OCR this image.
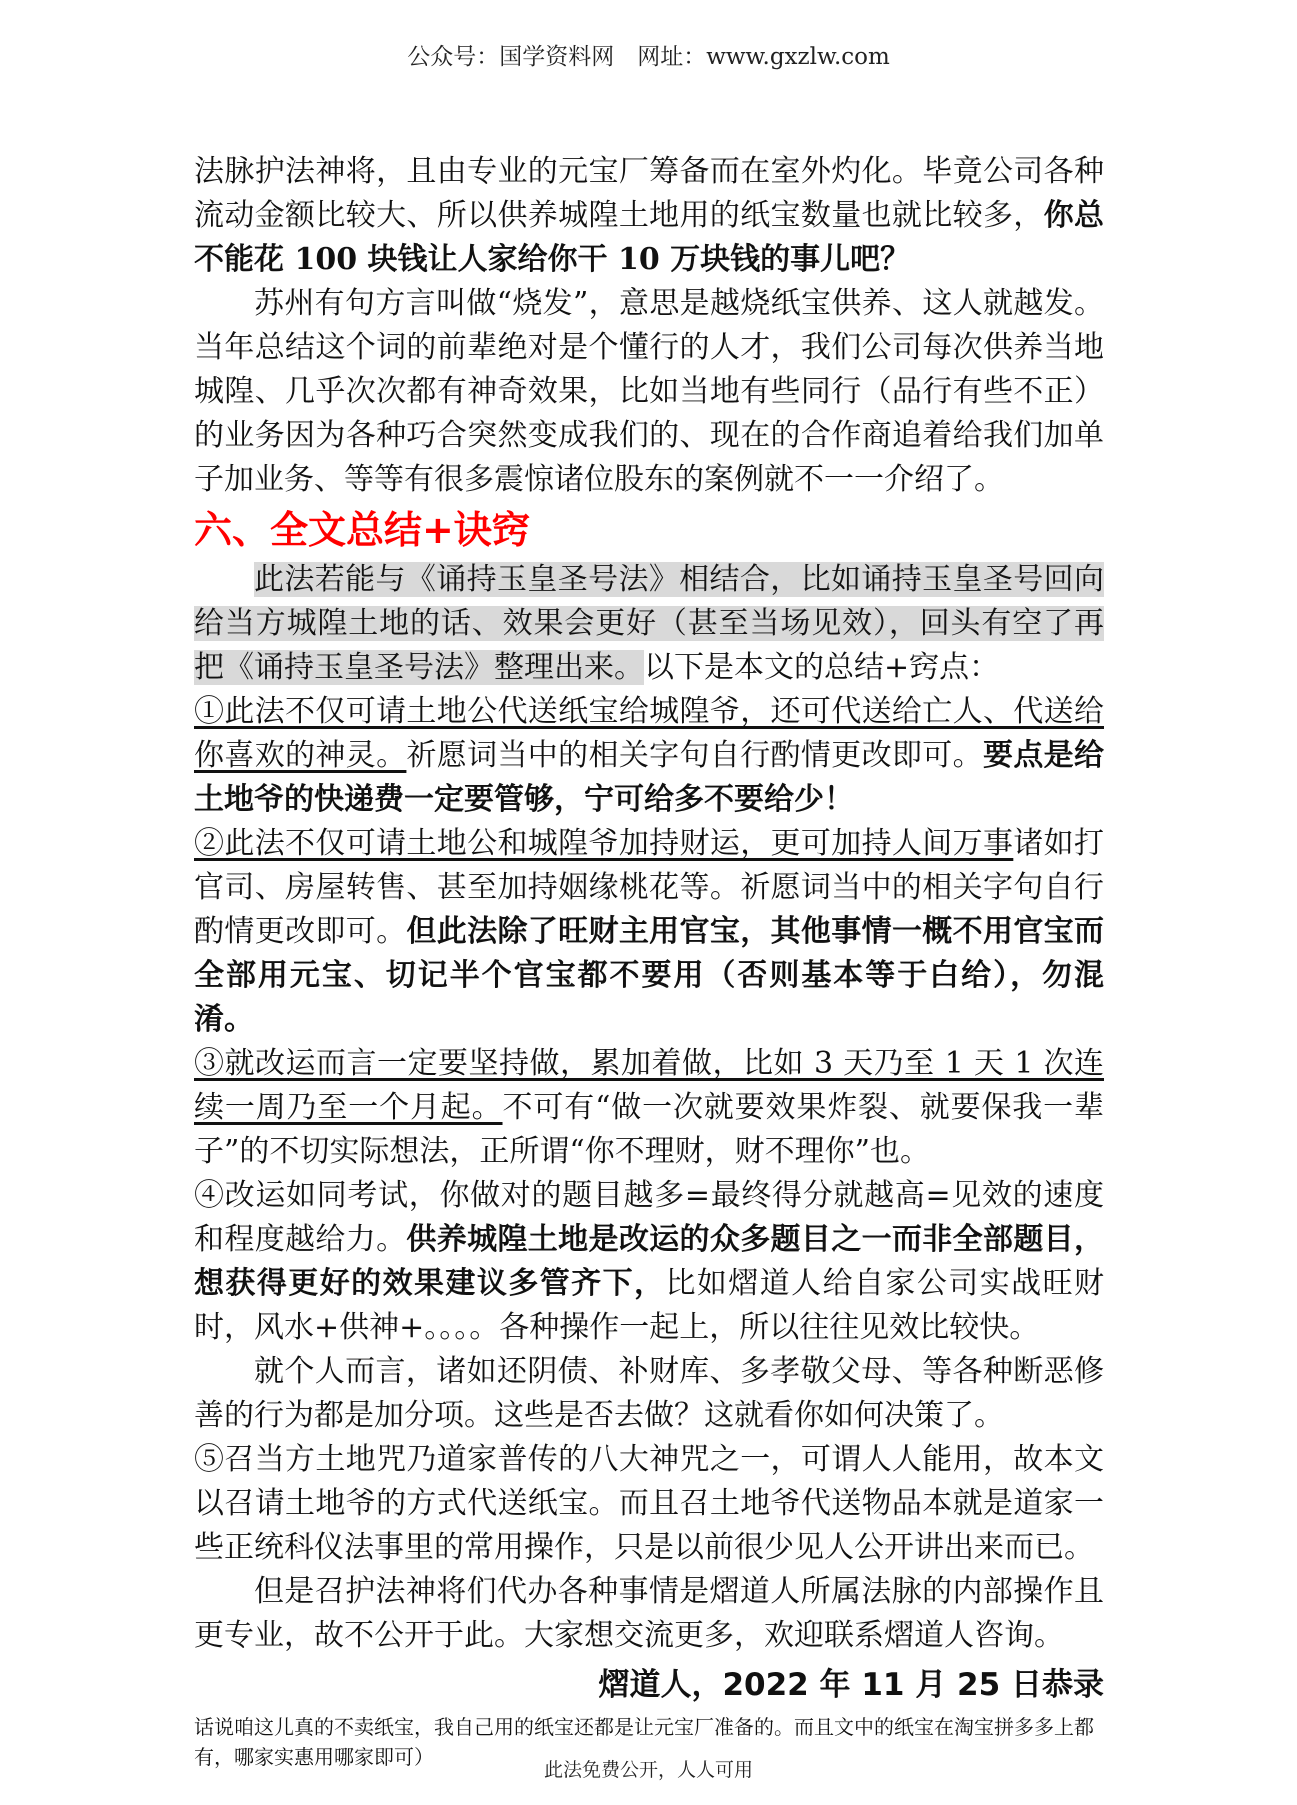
公众号：国学资料网　网址：www.gxzlw.com

法脉护法神将，且由专业的元宝厂筹备而在室外灼化。毕竟公司各种流动金额比较大、所以供养城隍土地用的纸宝数量也就比较多，你总不能花 100 块钱让人家给你干 10 万块钱的事儿吧？

苏州有句方言叫做“烧发”，意思是越烧纸宝供养、这人就越发。当年总结这个词的前辈绝对是个懂行的人才，我们公司每次供养当地城隍、几乎次次都有神奇效果，比如当地有些同行（品行有些不正）的业务因为各种巧合突然变成我们的、现在的合作商追着给我们加单子加业务、等等有很多震惊诸位股东的案例就不一一介绍了。

六、全文总结+诀窍

此法若能与《诵持玉皇圣号法》相结合，比如诵持玉皇圣号回向给当方城隍土地的话、效果会更好（甚至当场见效），回头有空了再把《诵持玉皇圣号法》整理出来。以下是本文的总结+窍点：

①此法不仅可请土地公代送纸宝给城隍爷，还可代送给亡人、代送给你喜欢的神灵。祈愿词当中的相关字句自行酌情更改即可。要点是给土地爷的快递费一定要管够，宁可给多不要给少！

②此法不仅可请土地公和城隍爷加持财运，更可加持人间万事诸如打官司、房屋转售、甚至加持姻缘桃花等。祈愿词当中的相关字句自行酌情更改即可。但此法除了旺财主用官宝，其他事情一概不用官宝而全部用元宝、切记半个官宝都不要用（否则基本等于白给），勿混淆。

③就改运而言一定要坚持做，累加着做，比如 3 天乃至 1 天 1 次连续一周乃至一个月起。不可有“做一次就要效果炸裂、就要保我一辈子”的不切实际想法，正所谓“你不理财，财不理你”也。

④改运如同考试，你做对的题目越多=最终得分就越高=见效的速度和程度越给力。供养城隍土地是改运的众多题目之一而非全部题目，想获得更好的效果建议多管齐下，比如熠道人给自家公司实战旺财时，风水+供神+。。。。各种操作一起上，所以往往见效比较快。

就个人而言，诸如还阴债、补财库、多孝敬父母、等各种断恶修善的行为都是加分项。这些是否去做？这就看你如何决策了。

⑤召当方土地咒乃道家普传的八大神咒之一，可谓人人能用，故本文以召请土地爷的方式代送纸宝。而且召土地爷代送物品本就是道家一些正统科仪法事里的常用操作，只是以前很少见人公开讲出来而已。

但是召护法神将们代办各种事情是熠道人所属法脉的内部操作且更专业，故不公开于此。大家想交流更多，欢迎联系熠道人咨询。

熠道人，2022 年 11 月 25 日恭录

话说咱这儿真的不卖纸宝，我自己用的纸宝还都是让元宝厂准备的。而且文中的纸宝在淘宝拼多多上都有，哪家实惠用哪家即可）

此法免费公开，人人可用
